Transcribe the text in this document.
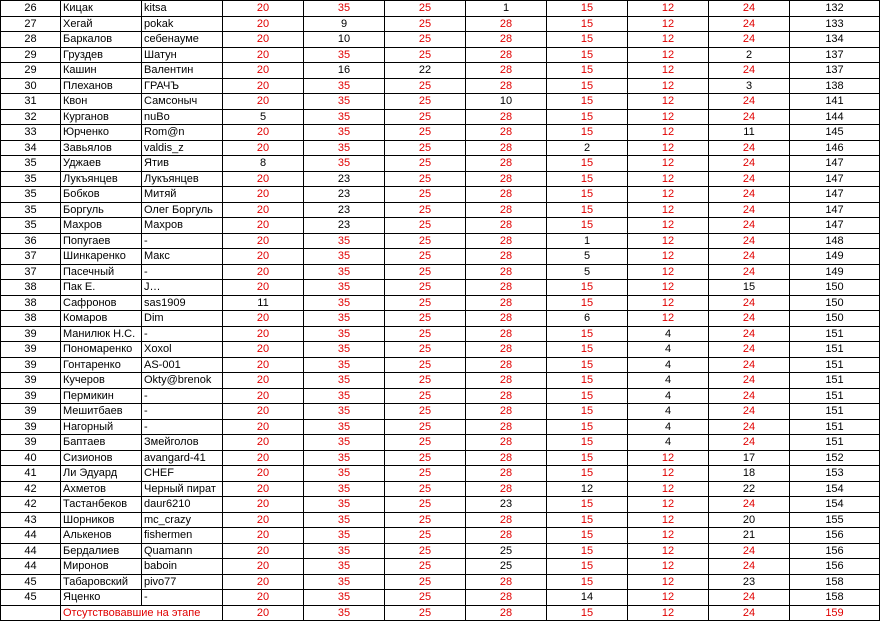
26	Кицак	kitsa	20	35	25	1	15	12	24	132
27	Хегай	pokak	20	9	25	28	15	12	24	133
28	Баркалов	себенауме	20	10	25	28	15	12	24	134
29	Груздев	Шатун	20	35	25	28	15	12	2	137
29	Кашин	Валентин	20	16	22	28	15	12	24	137
30	Плеханов	ГРАЧЪ	20	35	25	28	15	12	3	138
31	Квон	Самсоныч	20	35	25	10	15	12	24	141
32	Курганов	nuBo	5	35	25	28	15	12	24	144
33	Юрченко	Rom@n	20	35	25	28	15	12	11	145
34	Завьялов	valdis_z	20	35	25	28	2	12	24	146
35	Уджаев	Ятив	8	35	25	28	15	12	24	147
35	Лукъянцев	Лукъянцев	20	23	25	28	15	12	24	147
35	Бобков	Митяй	20	23	25	28	15	12	24	147
35	Боргуль	Олег Боргуль	20	23	25	28	15	12	24	147
35	Махров	Махров	20	23	25	28	15	12	24	147
36	Попугаев	-	20	35	25	28	1	12	24	148
37	Шинкаренко	Макс	20	35	25	28	5	12	24	149
37	Пасечный	-	20	35	25	28	5	12	24	149
38	Пак Е.	J…	20	35	25	28	15	12	15	150
38	Сафронов	sas1909	11	35	25	28	15	12	24	150
38	Комаров	Dim	20	35	25	28	6	12	24	150
39	Манилюк Н.С.	-	20	35	25	28	15	4	24	151
39	Пономаренко	Xoxol	20	35	25	28	15	4	24	151
39	Гонтаренко	AS-001	20	35	25	28	15	4	24	151
39	Кучеров	Okty@brenok	20	35	25	28	15	4	24	151
39	Пермикин	-	20	35	25	28	15	4	24	151
39	Мешитбаев	-	20	35	25	28	15	4	24	151
39	Нагорный	-	20	35	25	28	15	4	24	151
39	Баптаев	Змейголов	20	35	25	28	15	4	24	151
40	Сизионов	avangard-41	20	35	25	28	15	12	17	152
41	Ли Эдуард	CHEF	20	35	25	28	15	12	18	153
42	Ахметов	Черный пират	20	35	25	28	12	12	22	154
42	Тастанбеков	daur6210	20	35	25	23	15	12	24	154
43	Шорников	mc_crazy	20	35	25	28	15	12	20	155
44	Алькенов	fishermen	20	35	25	28	15	12	21	156
44	Бердалиев	Quamann	20	35	25	25	15	12	24	156
44	Миронов	baboin	20	35	25	25	15	12	24	156
45	Табаровский	pivo77	20	35	25	28	15	12	23	158
45	Яценко	-	20	35	25	28	14	12	24	158
	Отсутствовавшие на этапе		20	35	25	28	15	12	24	159
